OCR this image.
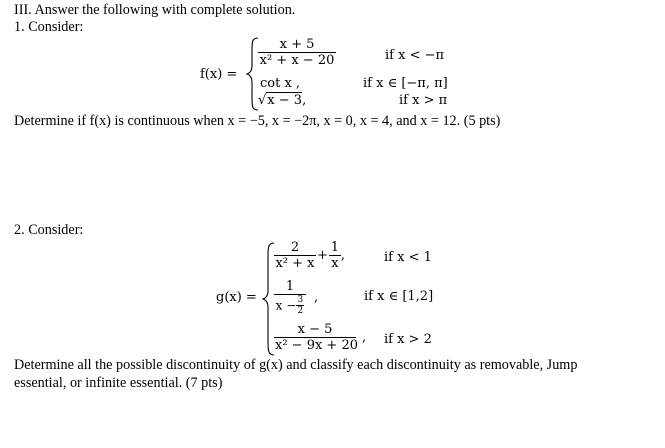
III. Answer the following with complete solution.
1. Consider:
f(x) =
$\frac{x + 5}{\text{x² + x − 20}}$	if x < −π
cot x ,	if x ∈ [−π, π]
√x − 3,	if x > π
Determine if f(x) is continuous when x = −5, x = −2π, x = 0, x = 4, and x = 12. (5 pts)
2. Consider:
g(x) =
$\frac{2}{\text{x² + x}} + \frac{1}{x}$ ,	if x < 1
$\frac{1}{x - \frac{3}{2}}$ ,	if x ∈ [1,2]
$\frac{x - 5}{\text{x² − 9x + 20}}$ , if x > 2
Determine all the possible discontinuity of g(x) and classify each discontinuity as removable, Jump
essential, or infinite essential. (7 pts)
